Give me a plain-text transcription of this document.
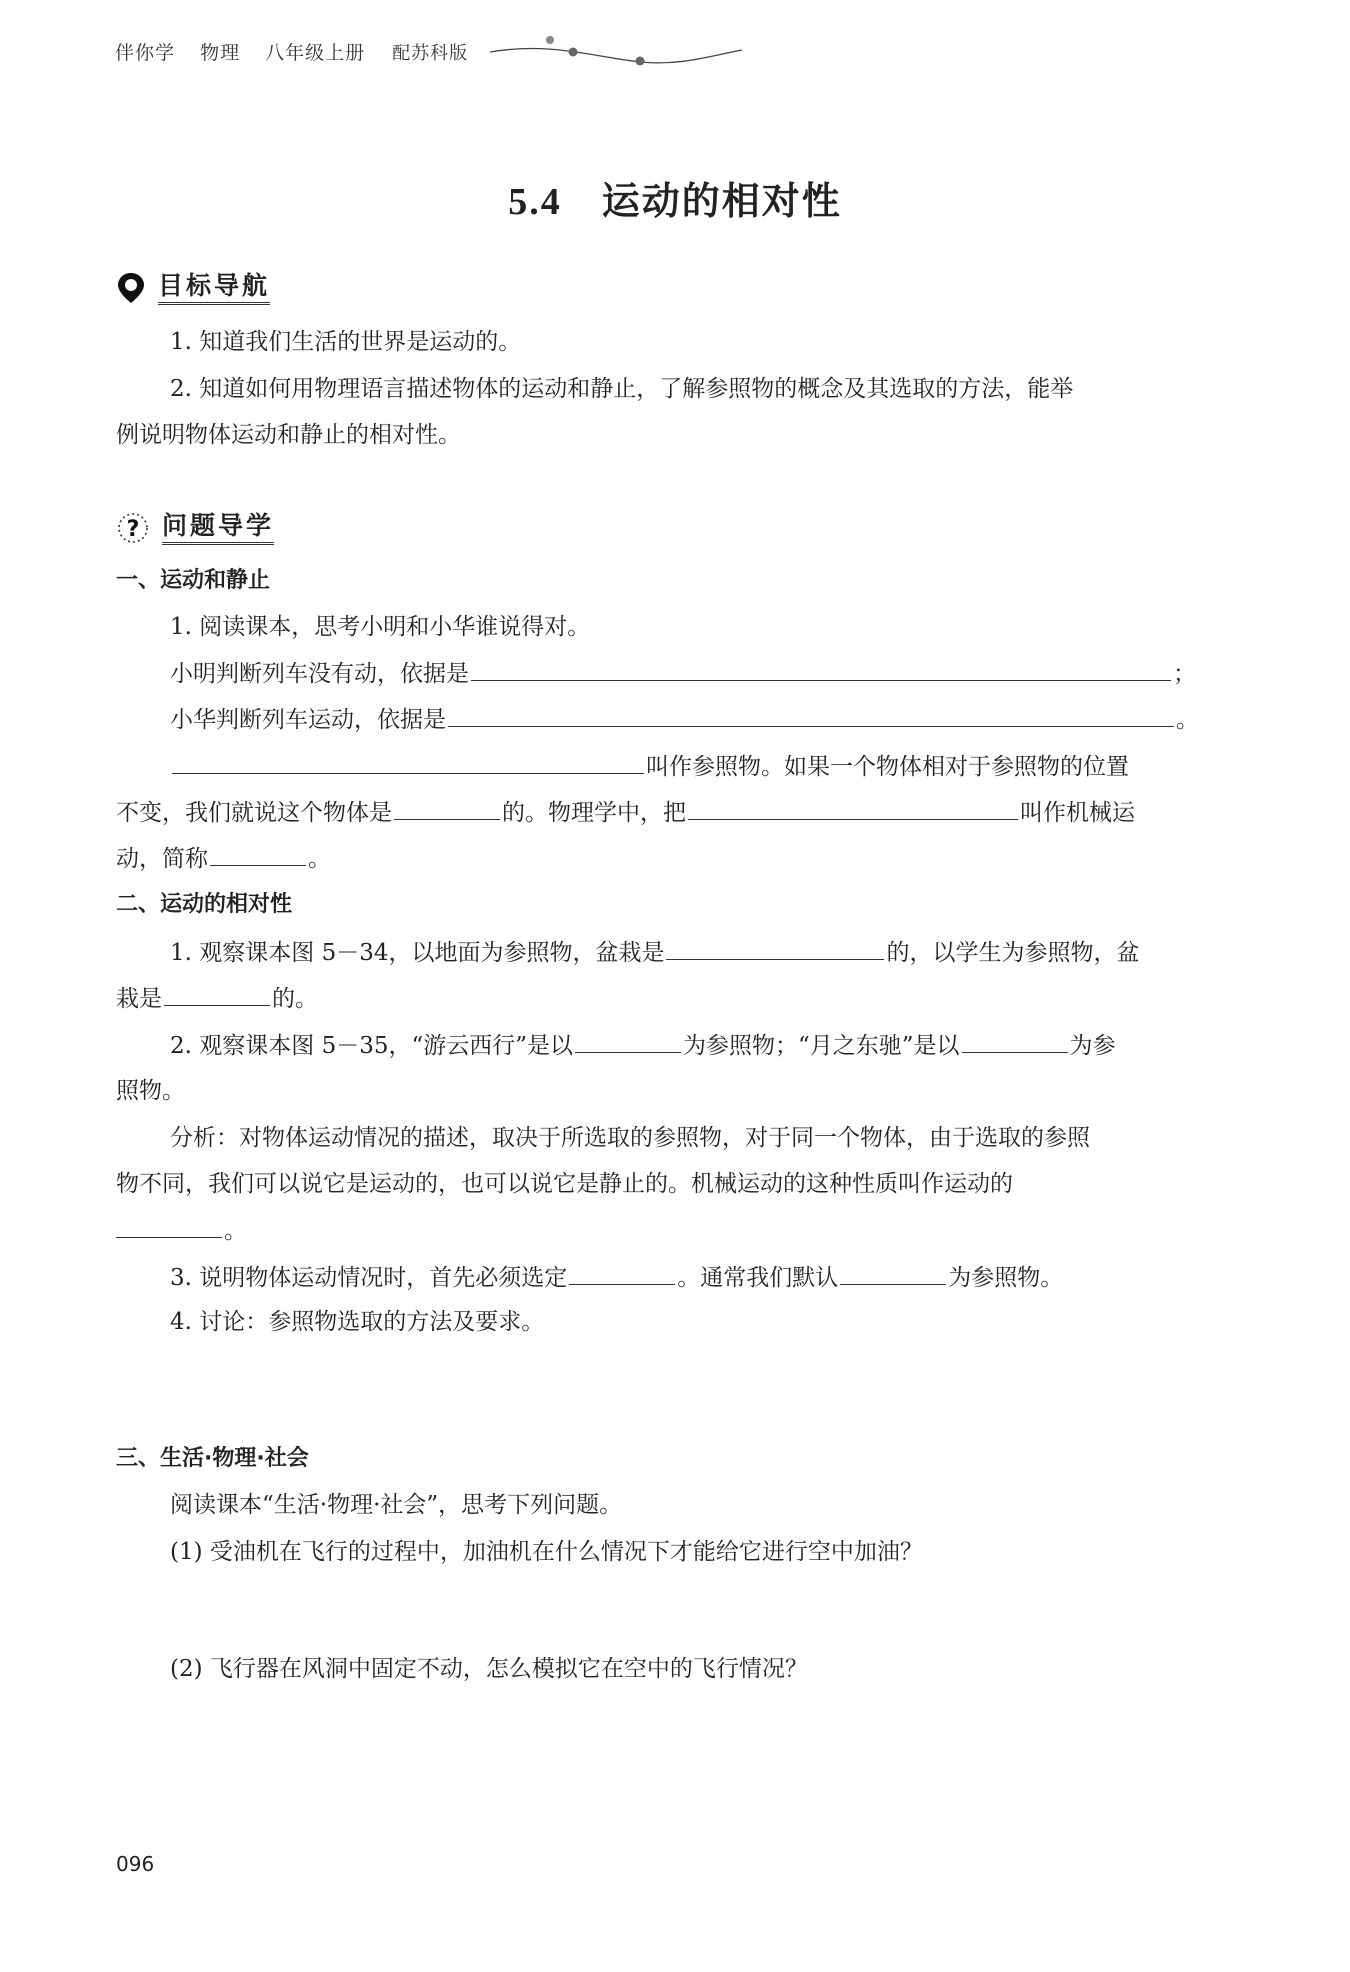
伴你学 物理 八年级上册 配苏科版
5.4 运动的相对性
目标导航
1. 知道我们生活的世界是运动的。
2. 知道如何用物理语言描述物体的运动和静止，了解参照物的概念及其选取的方法，能举
例说明物体运动和静止的相对性。
? 问题导学
一、运动和静止
1. 阅读课本，思考小明和小华谁说得对。
小明判断列车没有动，依据是	；
小华判断列车运动，依据是	。
叫作参照物。如果一个物体相对于参照物的位置
不变，我们就说这个物体是	的。物理学中，把	叫作机械运
动，简称	。
二、运动的相对性
1. 观察课本图 5－34，以地面为参照物，盆栽是	的，以学生为参照物，盆
栽是	的。
2. 观察课本图 5－35，“游云西行”是以	为参照物；“月之东驰”是以	为参
照物。
分析：对物体运动情况的描述，取决于所选取的参照物，对于同一个物体，由于选取的参照
物不同，我们可以说它是运动的，也可以说它是静止的。机械运动的这种性质叫作运动的
。
3. 说明物体运动情况时，首先必须选定	。通常我们默认	为参照物。
4. 讨论：参照物选取的方法及要求。
三、生活·物理·社会
阅读课本“生活·物理·社会”，思考下列问题。
(1) 受油机在飞行的过程中，加油机在什么情况下才能给它进行空中加油？
(2) 飞行器在风洞中固定不动，怎么模拟它在空中的飞行情况？
096
